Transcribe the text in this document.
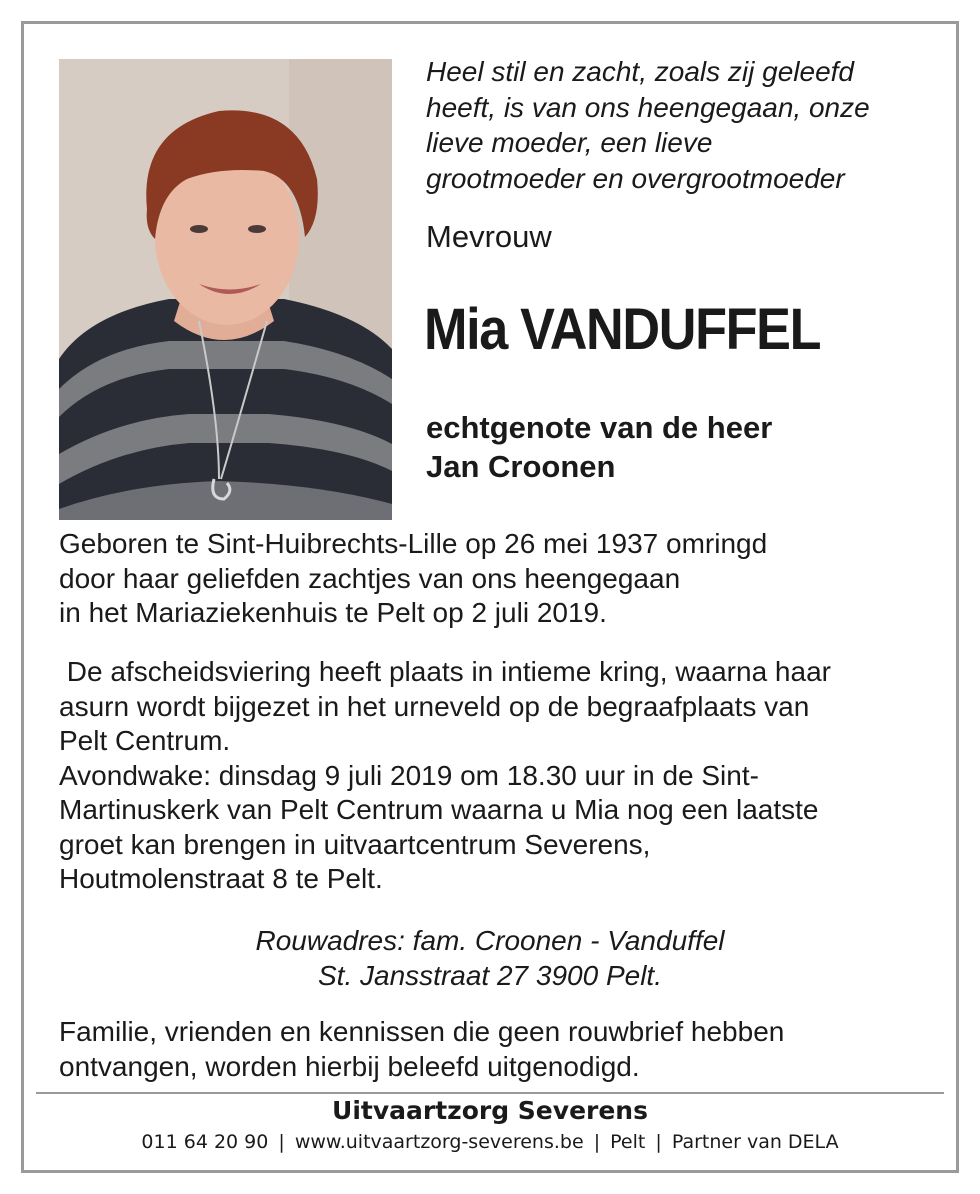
Heel stil en zacht, zoals zij geleefd
heeft, is van ons heengegaan, onze
lieve moeder, een lieve
grootmoeder en overgrootmoeder

Mevrouw

Mia VANDUFFEL

echtgenote van de heer
Jan Croonen

Geboren te Sint-Huibrechts-Lille op 26 mei 1937 omringd
door haar geliefden zachtjes van ons heengegaan
in het Mariaziekenhuis te Pelt op 2 juli 2019.

De afscheidsviering heeft plaats in intieme kring, waarna haar
asurn wordt bijgezet in het urneveld op de begraafplaats van
Pelt Centrum.
Avondwake: dinsdag 9 juli 2019 om 18.30 uur in de Sint-
Martinuskerk van Pelt Centrum waarna u Mia nog een laatste
groet kan brengen in uitvaartcentrum Severens,
Houtmolenstraat 8 te Pelt.

Rouwadres: fam. Croonen - Vanduffel
St. Jansstraat 27 3900 Pelt.

Familie, vrienden en kennissen die geen rouwbrief hebben
ontvangen, worden hierbij beleefd uitgenodigd.

Uitvaartzorg Severens

011 64 20 90 | www.uitvaartzorg-severens.be | Pelt | Partner van DELA
